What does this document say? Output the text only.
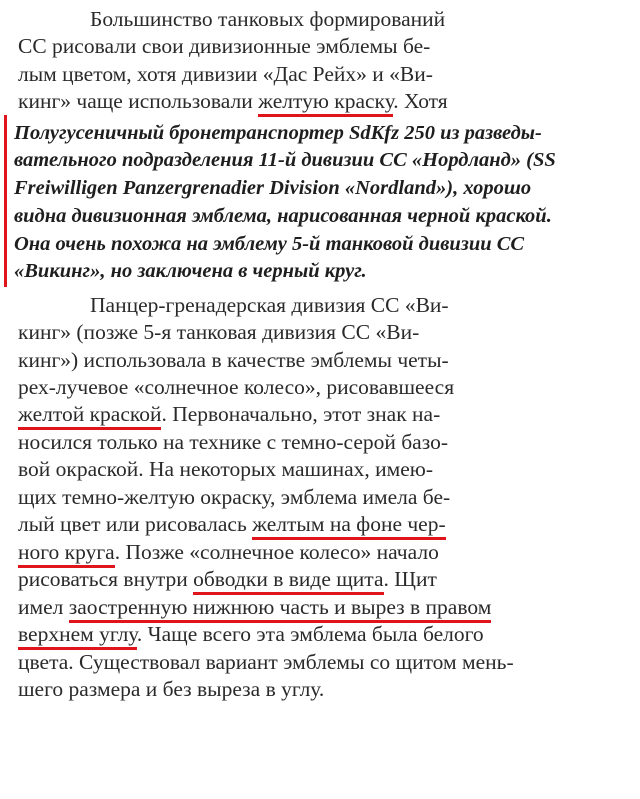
Большинство танковых формирований
СС рисовали свои дивизионные эмблемы бе-
лым цветом, хотя дивизии «Дас Рейх» и «Ви-
кинг» чаще использовали желтую краску. Хотя
Полугусеничный бронетранспортер SdKfz 250 из разведы-
вательного подразделения 11-й дивизии СС «Нордланд» (SS
Freiwilligen Panzergrenadier Division «Nordland»), хорошо
видна дивизионная эмблема, нарисованная черной краской.
Она очень похожа на эмблему 5-й танковой дивизии СС
«Викинг», но заключена в черный круг.
Панцер-гренадерская дивизия СС «Ви-
кинг» (позже 5-я танковая дивизия СС «Ви-
кинг») использовала в качестве эмблемы четы-
рех-лучевое «солнечное колесо», рисовавшееся
желтой краской. Первоначально, этот знак на-
носился только на технике с темно-серой базо-
вой окраской. На некоторых машинах, имею-
щих темно-желтую окраску, эмблема имела бе-
лый цвет или рисовалась желтым на фоне чер-
ного круга. Позже «солнечное колесо» начало
рисоваться внутри обводки в виде щита. Щит
имел заостренную нижнюю часть и вырез в правом
верхнем углу. Чаще всего эта эмблема была белого
цвета. Существовал вариант эмблемы со щитом мень-
шего размера и без выреза в углу.
